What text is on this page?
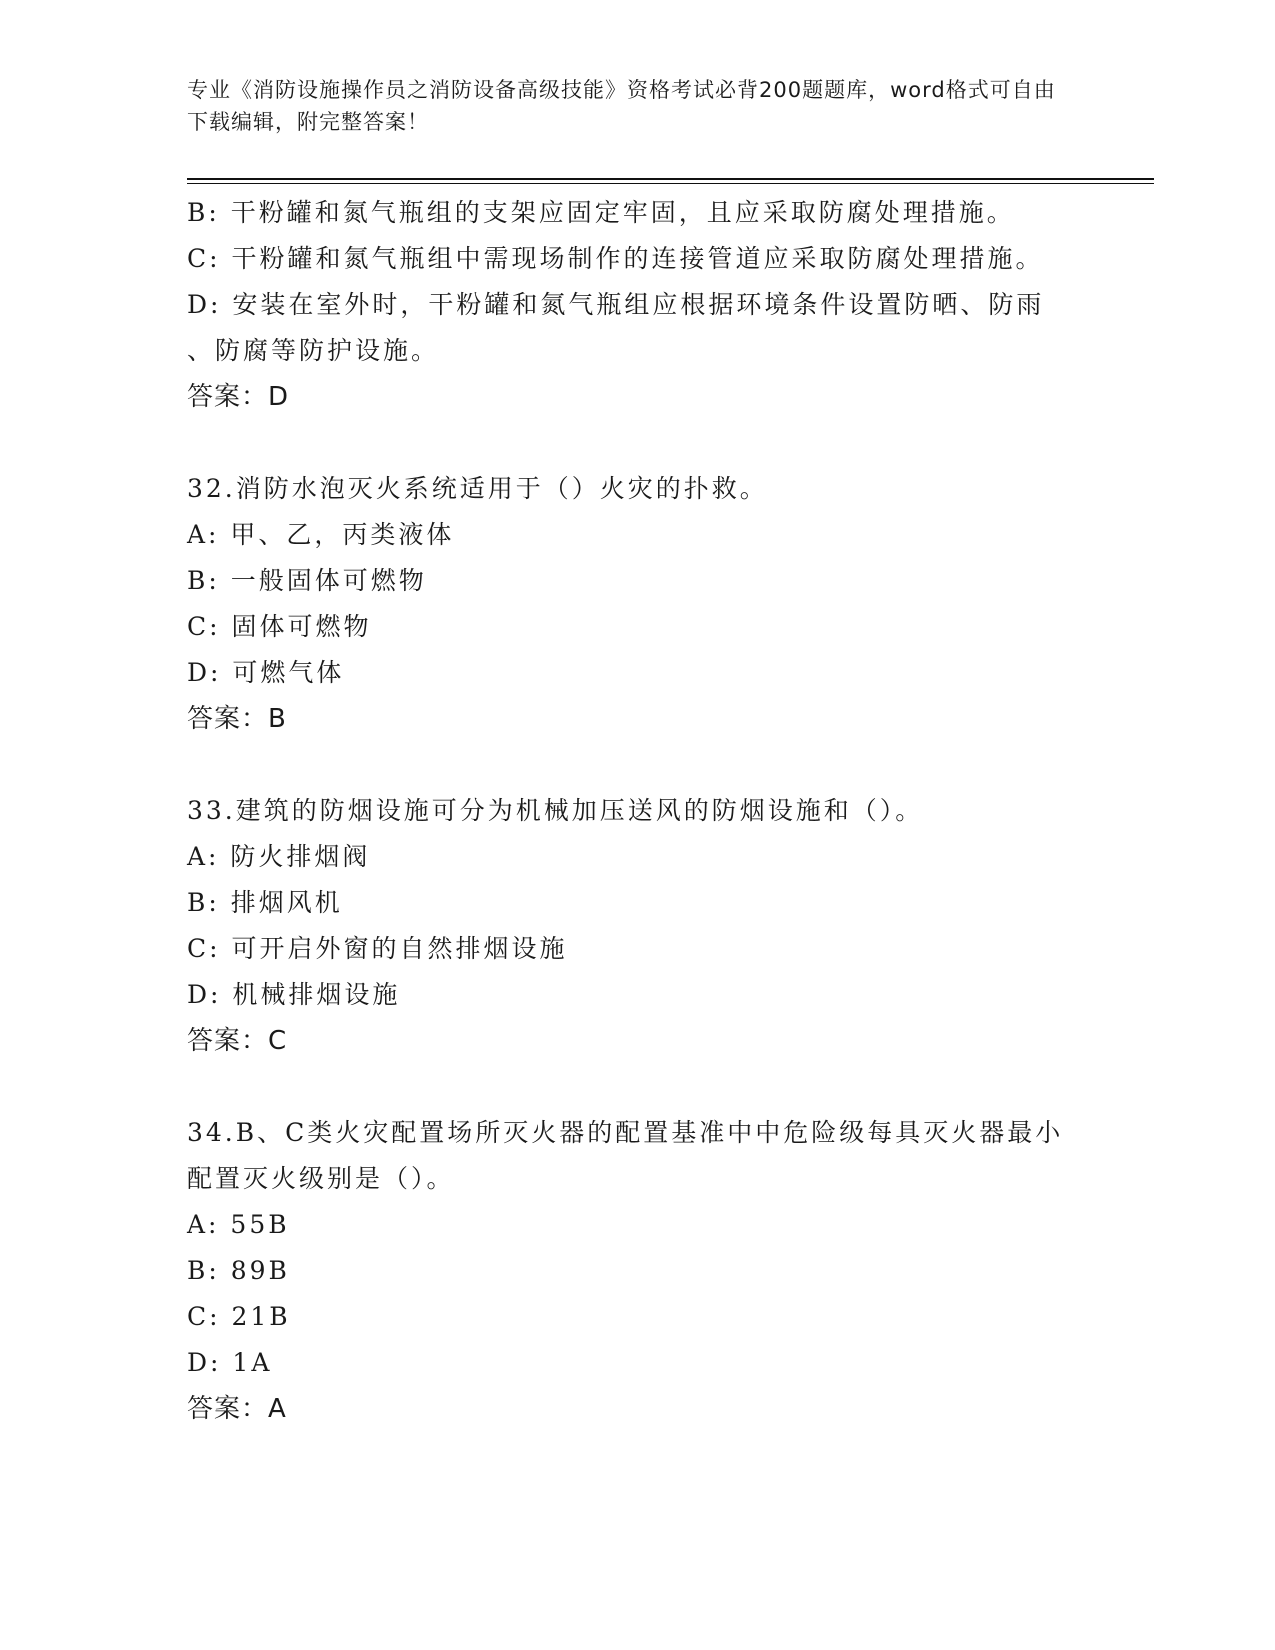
专业《消防设施操作员之消防设备高级技能》资格考试必背200题题库，word格式可自由下载编辑，附完整答案！
B: 干粉罐和氮气瓶组的支架应固定牢固，且应采取防腐处理措施。
C: 干粉罐和氮气瓶组中需现场制作的连接管道应采取防腐处理措施。
D: 安装在室外时，干粉罐和氮气瓶组应根据环境条件设置防晒、防雨
、防腐等防护设施。
答案：D
32.消防水泡灭火系统适用于（）火灾的扑救。
A: 甲、乙，丙类液体
B: 一般固体可燃物
C: 固体可燃物
D: 可燃气体
答案：B
33.建筑的防烟设施可分为机械加压送风的防烟设施和（）。
A: 防火排烟阀
B: 排烟风机
C: 可开启外窗的自然排烟设施
D: 机械排烟设施
答案：C
34.B、C类火灾配置场所灭火器的配置基准中中危险级每具灭火器最小
配置灭火级别是（）。
A: 55B
B: 89B
C: 21B
D: 1A
答案：A
